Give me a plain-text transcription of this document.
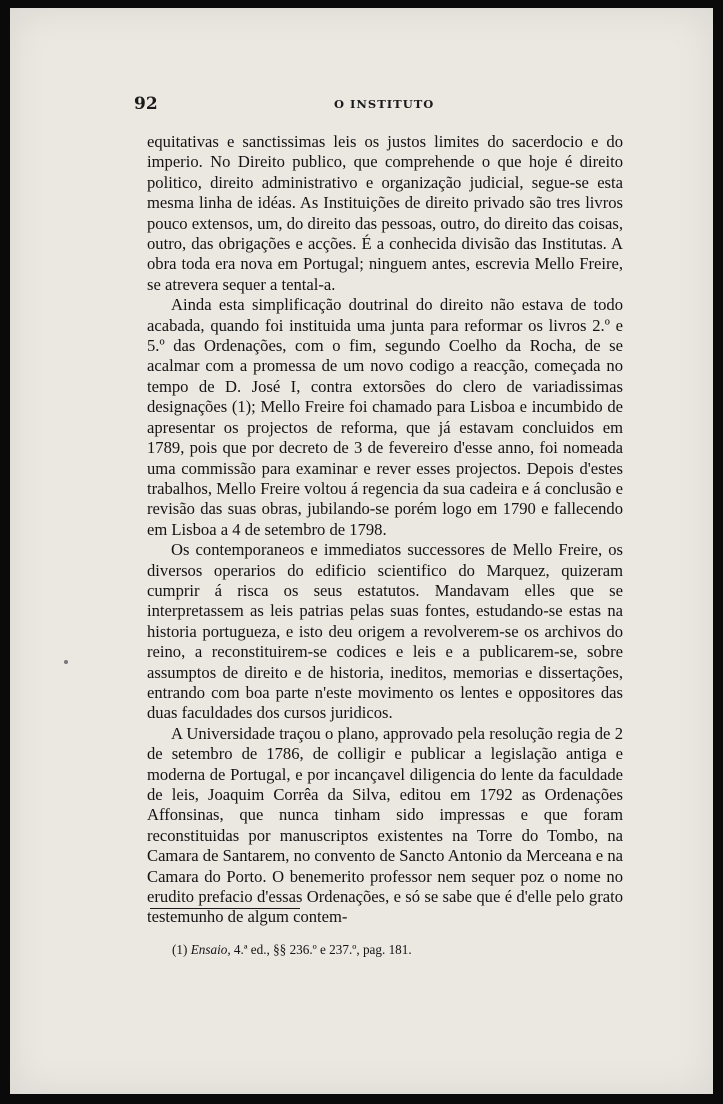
92	O INSTITUTO

equitativas e sanctissimas leis os justos limites do sacerdocio e do imperio. No Direito publico, que comprehende o que hoje é direito politico, direito administrativo e organização judicial, segue-se esta mesma linha de idéas. As Instituições de direito privado são tres livros pouco extensos, um, do direito das pessoas, outro, do direito das coisas, outro, das obrigações e acções. É a conhecida divisão das Institutas. A obra toda era nova em Portugal; ninguem antes, escrevia Mello Freire, se atrevera sequer a tental-a.

Ainda esta simplificação doutrinal do direito não estava de todo acabada, quando foi instituida uma junta para reformar os livros 2.º e 5.º das Ordenações, com o fim, segundo Coelho da Rocha, de se acalmar com a promessa de um novo codigo a reacção, começada no tempo de D. José I, contra extorsões do clero de variadissimas designações (1); Mello Freire foi chamado para Lisboa e incumbido de apresentar os projectos de reforma, que já estavam concluidos em 1789, pois que por decreto de 3 de fevereiro d'esse anno, foi nomeada uma commissão para examinar e rever esses projectos. Depois d'estes trabalhos, Mello Freire voltou á regencia da sua cadeira e á conclusão e revisão das suas obras, jubilando-se porém logo em 1790 e fallecendo em Lisboa a 4 de setembro de 1798.

Os contemporaneos e immediatos successores de Mello Freire, os diversos operarios do edificio scientifico do Marquez, quizeram cumprir á risca os seus estatutos. Mandavam elles que se interpretassem as leis patrias pelas suas fontes, estudando-se estas na historia portugueza, e isto deu origem a revolverem-se os archivos do reino, a reconstituirem-se codices e leis e a publicarem-se, sobre assumptos de direito e de historia, ineditos, memorias e dissertações, entrando com boa parte n'este movimento os lentes e oppositores das duas faculdades dos cursos juridicos.

A Universidade traçou o plano, approvado pela resolução regia de 2 de setembro de 1786, de colligir e publicar a legislação antiga e moderna de Portugal, e por incançavel diligencia do lente da faculdade de leis, Joaquim Corrêa da Silva, editou em 1792 as Ordenações Affonsinas, que nunca tinham sido impressas e que foram reconstituidas por manuscriptos existentes na Torre do Tombo, na Camara de Santarem, no convento de Sancto Antonio da Merceana e na Camara do Porto. O benemerito professor nem sequer poz o nome no erudito prefacio d'essas Ordenações, e só se sabe que é d'elle pelo grato testemunho de algum contem-

(1) Ensaio, 4.ª ed., §§ 236.º e 237.º, pag. 181.
